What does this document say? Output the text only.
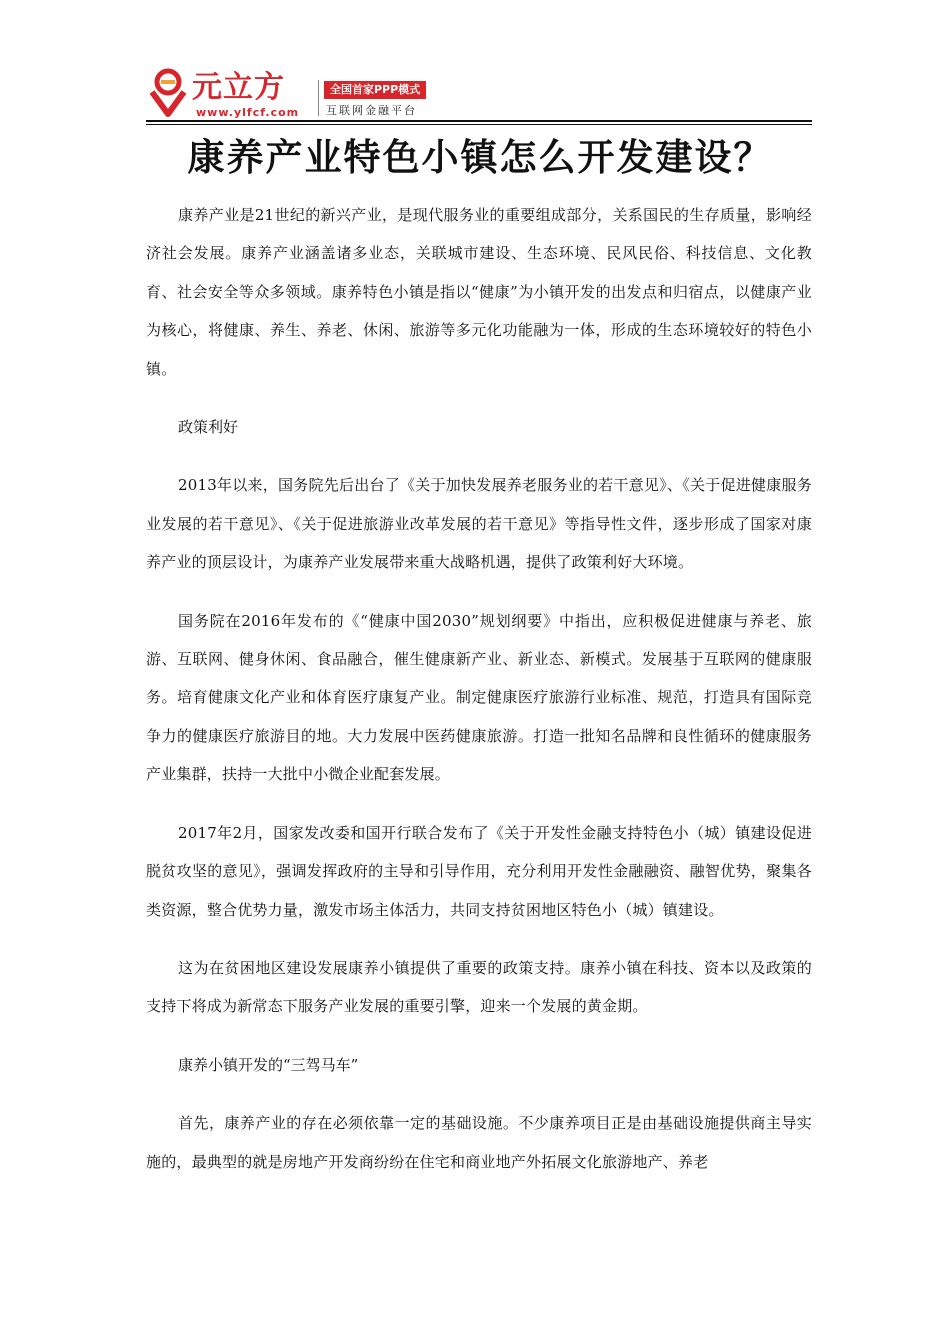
元立方
www.ylfcf.com
全国首家PPP模式
互联网金融平台
康养产业特色小镇怎么开发建设？

康养产业是21世纪的新兴产业，是现代服务业的重要组成部分，关系国民的生存质量，影响经济社会发展。康养产业涵盖诸多业态，关联城市建设、生态环境、民风民俗、科技信息、文化教育、社会安全等众多领域。康养特色小镇是指以“健康”为小镇开发的出发点和归宿点，以健康产业为核心，将健康、养生、养老、休闲、旅游等多元化功能融为一体，形成的生态环境较好的特色小镇。

政策利好

2013年以来，国务院先后出台了《关于加快发展养老服务业的若干意见》、《关于促进健康服务业发展的若干意见》、《关于促进旅游业改革发展的若干意见》等指导性文件，逐步形成了国家对康养产业的顶层设计，为康养产业发展带来重大战略机遇，提供了政策利好大环境。

国务院在2016年发布的《“健康中国2030”规划纲要》中指出，应积极促进健康与养老、旅游、互联网、健身休闲、食品融合，催生健康新产业、新业态、新模式。发展基于互联网的健康服务。培育健康文化产业和体育医疗康复产业。制定健康医疗旅游行业标准、规范，打造具有国际竞争力的健康医疗旅游目的地。大力发展中医药健康旅游。打造一批知名品牌和良性循环的健康服务产业集群，扶持一大批中小微企业配套发展。

2017年2月，国家发改委和国开行联合发布了《关于开发性金融支持特色小（城）镇建设促进脱贫攻坚的意见》，强调发挥政府的主导和引导作用，充分利用开发性金融融资、融智优势，聚集各类资源，整合优势力量，激发市场主体活力，共同支持贫困地区特色小（城）镇建设。

这为在贫困地区建设发展康养小镇提供了重要的政策支持。康养小镇在科技、资本以及政策的支持下将成为新常态下服务产业发展的重要引擎，迎来一个发展的黄金期。

康养小镇开发的“三驾马车”

首先，康养产业的存在必须依靠一定的基础设施。不少康养项目正是由基础设施提供商主导实施的，最典型的就是房地产开发商纷纷在住宅和商业地产外拓展文化旅游地产、养老
